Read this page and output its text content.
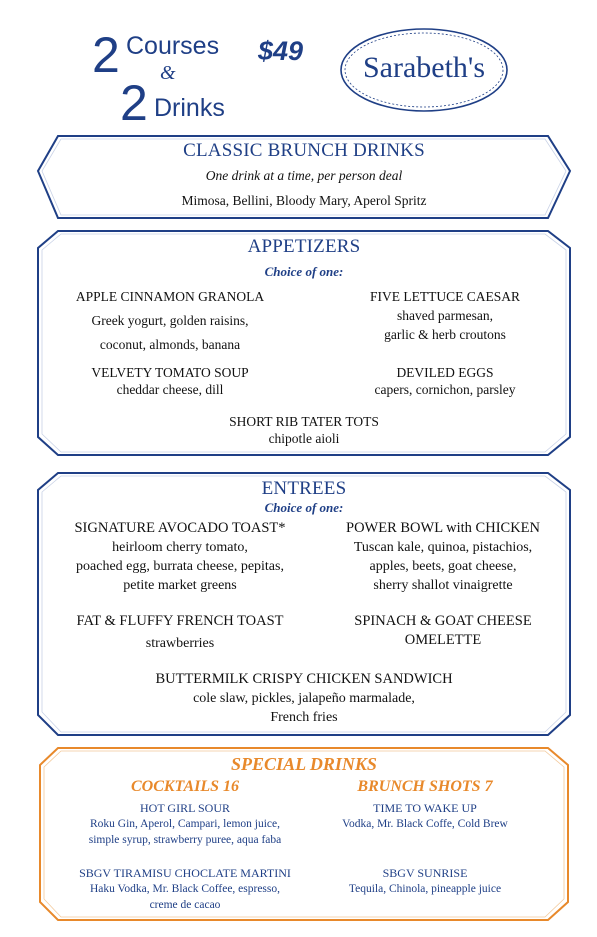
2 Courses
&
2 Drinks
$49	Sarabeth's
CLASSIC BRUNCH DRINKS
One drink at a time, per person deal
Mimosa, Bellini, Bloody Mary, Aperol Spritz
APPETIZERS
Choice of one:
APPLE CINNAMON GRANOLA
Greek yogurt, golden raisins,
coconut, almonds, banana
FIVE LETTUCE CAESAR
shaved parmesan,
garlic & herb croutons
VELVETY TOMATO SOUP
cheddar cheese, dill
DEVILED EGGS
capers, cornichon, parsley
SHORT RIB TATER TOTS
chipotle aioli
ENTREES
Choice of one:
SIGNATURE AVOCADO TOAST*
heirloom cherry tomato,
poached egg, burrata cheese, pepitas,
petite market greens
POWER BOWL with CHICKEN
Tuscan kale, quinoa, pistachios,
apples, beets, goat cheese,
sherry shallot vinaigrette
FAT & FLUFFY FRENCH TOAST
strawberries
SPINACH & GOAT CHEESE
OMELETTE
BUTTERMILK CRISPY CHICKEN SANDWICH
cole slaw, pickles, jalapeño marmalade,
French fries
SPECIAL DRINKS
COCKTAILS 16	BRUNCH SHOTS 7
HOT GIRL SOUR
Roku Gin, Aperol, Campari, lemon juice,
simple syrup, strawberry puree, aqua faba
SBGV TIRAMISU CHOCLATE MARTINI
Haku Vodka, Mr. Black Coffee, espresso,
creme de cacao
TIME TO WAKE UP
Vodka, Mr. Black Coffe, Cold Brew
SBGV SUNRISE
Tequila, Chinola, pineapple juice
